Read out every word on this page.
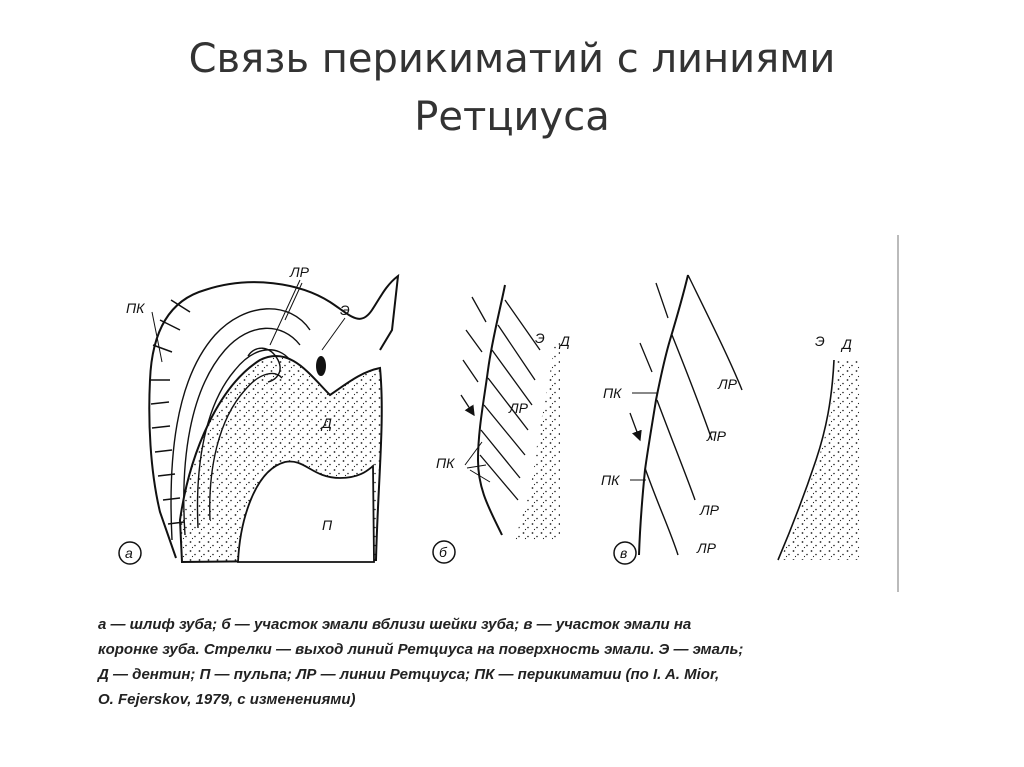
Связь перикиматий с линиями
Ретциуса
ПК
ЛР
Э
Д
П
а
Э Д
ЛР
ПК
б
ПК
ПК
ЛР
ЛР
ЛР
ЛР
в
Э Д
а — шлиф зуба; б — участок эмали вблизи шейки зуба; в — участок эмали на
коронке зуба. Стрелки — выход линий Ретциуса на поверхность эмали. Э — эмаль;
Д — дентин; П — пульпа; ЛР — линии Ретциуса; ПК — перикиматии (по I. A. Mior,
O. Fejerskov, 1979, с изменениями)
